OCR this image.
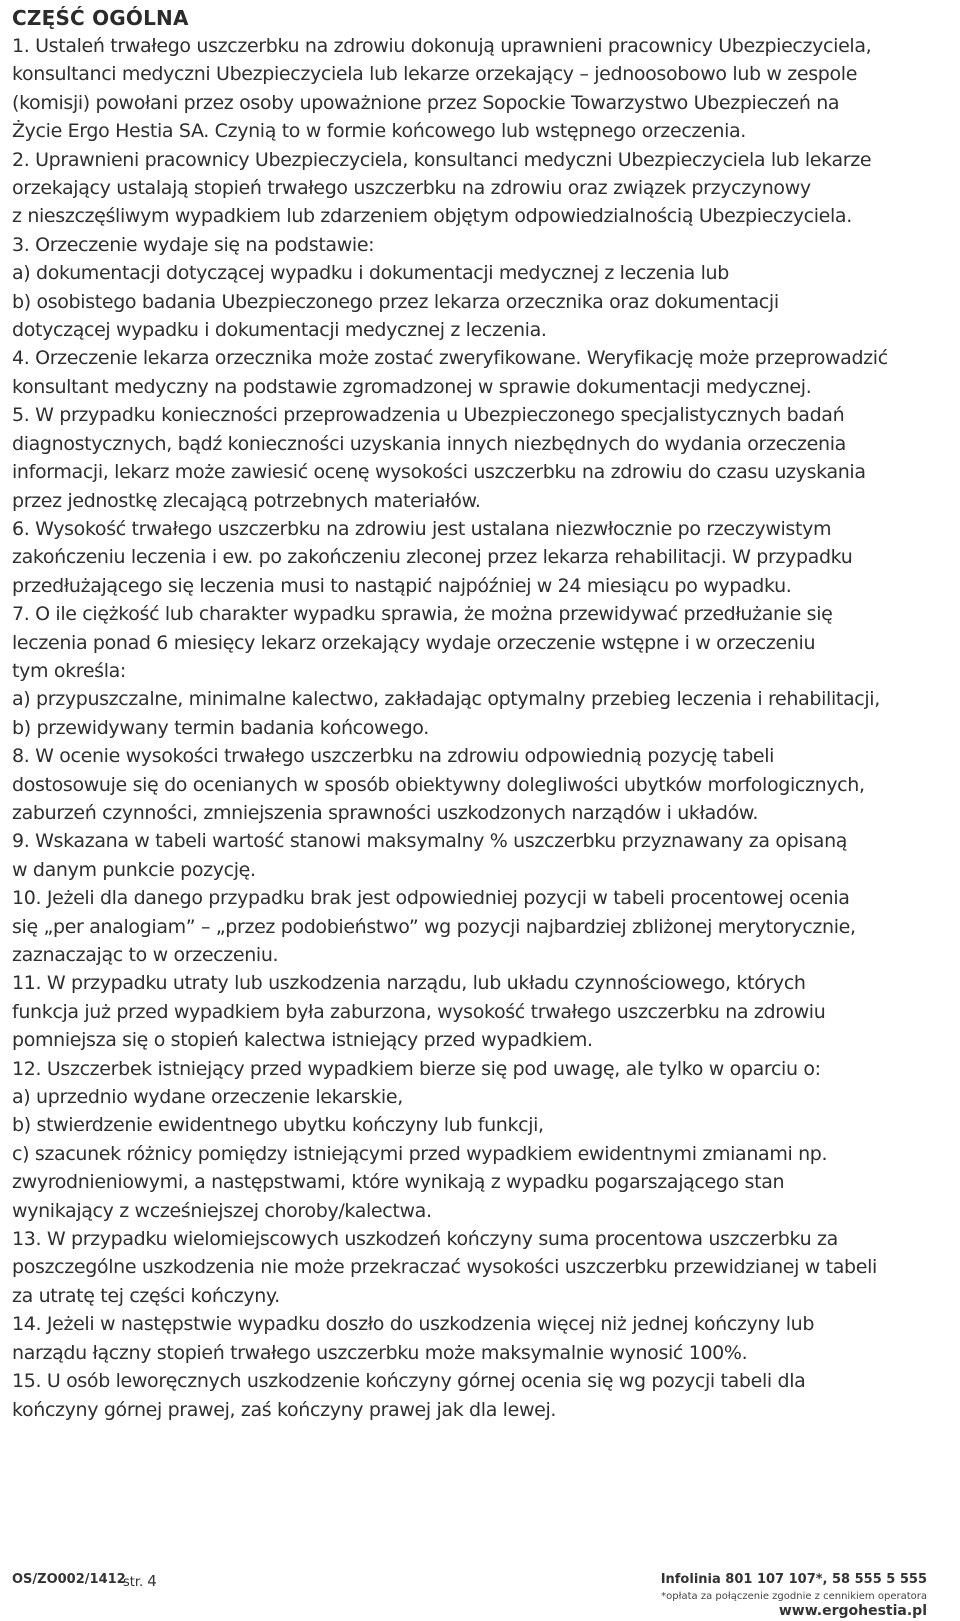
CZĘŚĆ OGÓLNA
1. Ustaleń trwałego uszczerbku na zdrowiu dokonują uprawnieni pracownicy Ubezpieczyciela,
konsultanci medyczni Ubezpieczyciela lub lekarze orzekający – jednoosobowo lub w zespole
(komisji) powołani przez osoby upoważnione przez Sopockie Towarzystwo Ubezpieczeń na
Życie Ergo Hestia SA. Czynią to w formie końcowego lub wstępnego orzeczenia.
2. Uprawnieni pracownicy Ubezpieczyciela, konsultanci medyczni Ubezpieczyciela lub lekarze
orzekający ustalają stopień trwałego uszczerbku na zdrowiu oraz związek przyczynowy
z nieszczęśliwym wypadkiem lub zdarzeniem objętym odpowiedzialnością Ubezpieczyciela.
3. Orzeczenie wydaje się na podstawie:
a) dokumentacji dotyczącej wypadku i dokumentacji medycznej z leczenia lub
b) osobistego badania Ubezpieczonego przez lekarza orzecznika oraz dokumentacji
dotyczącej wypadku i dokumentacji medycznej z leczenia.
4. Orzeczenie lekarza orzecznika może zostać zweryfikowane. Weryfikację może przeprowadzić
konsultant medyczny na podstawie zgromadzonej w sprawie dokumentacji medycznej.
5. W przypadku konieczności przeprowadzenia u Ubezpieczonego specjalistycznych badań
diagnostycznych, bądź konieczności uzyskania innych niezbędnych do wydania orzeczenia
informacji, lekarz może zawiesić ocenę wysokości uszczerbku na zdrowiu do czasu uzyskania
przez jednostkę zlecającą potrzebnych materiałów.
6. Wysokość trwałego uszczerbku na zdrowiu jest ustalana niezwłocznie po rzeczywistym
zakończeniu leczenia i ew. po zakończeniu zleconej przez lekarza rehabilitacji. W przypadku
przedłużającego się leczenia musi to nastąpić najpóźniej w 24 miesiącu po wypadku.
7. O ile ciężkość lub charakter wypadku sprawia, że można przewidywać przedłużanie się
leczenia ponad 6 miesięcy lekarz orzekający wydaje orzeczenie wstępne i w orzeczeniu
tym określa:
a) przypuszczalne, minimalne kalectwo, zakładając optymalny przebieg leczenia i rehabilitacji,
b) przewidywany termin badania końcowego.
8. W ocenie wysokości trwałego uszczerbku na zdrowiu odpowiednią pozycję tabeli
dostosowuje się do ocenianych w sposób obiektywny dolegliwości ubytków morfologicznych,
zaburzeń czynności, zmniejszenia sprawności uszkodzonych narządów i układów.
9. Wskazana w tabeli wartość stanowi maksymalny % uszczerbku przyznawany za opisaną
w danym punkcie pozycję.
10. Jeżeli dla danego przypadku brak jest odpowiedniej pozycji w tabeli procentowej ocenia
się „per analogiam” – „przez podobieństwo” wg pozycji najbardziej zbliżonej merytorycznie,
zaznaczając to w orzeczeniu.
11. W przypadku utraty lub uszkodzenia narządu, lub układu czynnościowego, których
funkcja już przed wypadkiem była zaburzona, wysokość trwałego uszczerbku na zdrowiu
pomniejsza się o stopień kalectwa istniejący przed wypadkiem.
12. Uszczerbek istniejący przed wypadkiem bierze się pod uwagę, ale tylko w oparciu o:
a) uprzednio wydane orzeczenie lekarskie,
b) stwierdzenie ewidentnego ubytku kończyny lub funkcji,
c) szacunek różnicy pomiędzy istniejącymi przed wypadkiem ewidentnymi zmianami np.
zwyrodnieniowymi, a następstwami, które wynikają z wypadku pogarszającego stan
wynikający z wcześniejszej choroby/kalectwa.
13. W przypadku wielomiejscowych uszkodzeń kończyny suma procentowa uszczerbku za
poszczególne uszkodzenia nie może przekraczać wysokości uszczerbku przewidzianej w tabeli
za utratę tej części kończyny.
14. Jeżeli w następstwie wypadku doszło do uszkodzenia więcej niż jednej kończyny lub
narządu łączny stopień trwałego uszczerbku może maksymalnie wynosić 100%.
15. U osób leworęcznych uszkodzenie kończyny górnej ocenia się wg pozycji tabeli dla
kończyny górnej prawej, zaś kończyny prawej jak dla lewej.
OS/ZO002/1412
str. 4	Infolinia 801 107 107*, 58 555 5 555
*opłata za połączenie zgodnie z cennikiem operatora
www.ergohestia.pl
